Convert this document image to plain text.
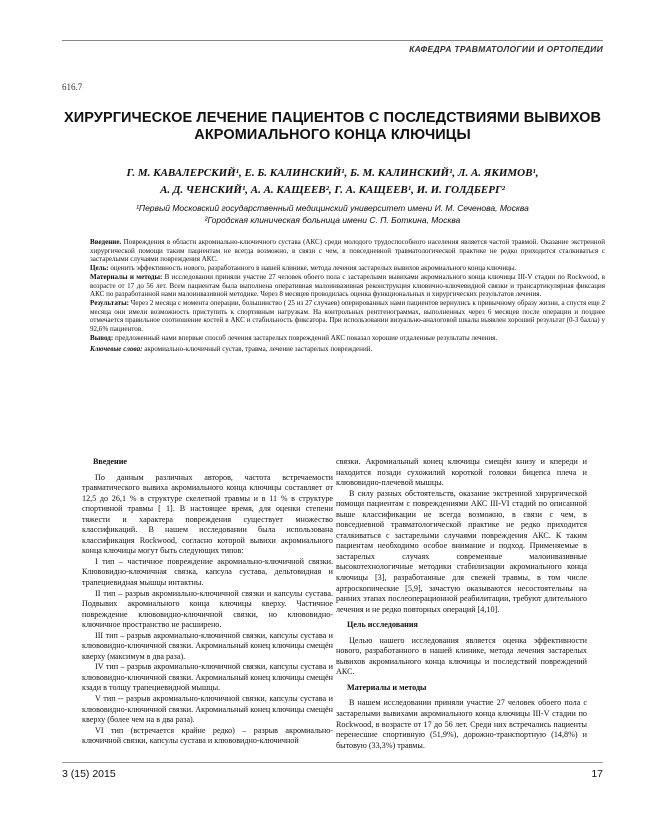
КАФЕДРА ТРАВМАТОЛОГИИ И ОРТОПЕДИИ
616.7
ХИРУРГИЧЕСКОЕ ЛЕЧЕНИЕ ПАЦИЕНТОВ С ПОСЛЕДСТВИЯМИ ВЫВИХОВ
АКРОМИАЛЬНОГО КОНЦА КЛЮЧИЦЫ
Г. М. КАВАЛЕРСКИЙ¹, Е. Б. КАЛИНСКИЙ¹, Б. М. КАЛИНСКИЙ¹, Л. А. ЯКИМОВ¹,
А. Д. ЧЕНСКИЙ¹, А. А. КАЩЕЕВ², Г. А. КАЩЕЕВ¹, И. И. ГОЛДБЕРГ²
¹Первый Московский государственный медицинский университет имени И. М. Сеченова, Москва
²Городская клиническая больница имени С. П. Боткина, Москва

Введение. Повреждения в области акромиально-ключичного сустава (АКС) среди молодого трудоспособного населения является частой травмой. Оказание экстренной хирургической помощи таким пациентам не всегда возможно, в связи с чем, в повседневной травматологической практике не редко приходится сталкиваться с застарелыми случаями повреждения АКС.

Цель: оценить эффективность нового, разработанного в нашей клинике, метода лечения застарелых вывихов акромиального конца ключицы.

Материалы и методы: В исследовании приняли участие 27 человек обоего пола с застарелыми вывихами акромиального конца ключицы III-V стадии по Rockwood, в возрасте от 17 до 56 лет. Всем пациентам была выполнена оперативная малоинвазивная реконструкция клювично-ключевидной связки и трансартикулярная фиксация АКС по разработанной нами малоинвазивной методике. Через 8 месяцев проводилась оценка функциональных и хирургических результатов лечения.

Результаты: Через 2 месяца с момента операции, большинство ( 25 из 27 случаев) оперированных нами пациентов вернулись к привычному образу жизни, а спустя еще 2 месяца они имели возможность приступить к спортивным нагрузкам. На контрольных рентгенограммах, выполненных через 6 месяцев после операции и позднее отмечается правильное соотношение костей в АКС и стабильность фиксатора. При использовании визуально-аналоговой шкалы выявлен хороший результат (0-3 балла) у 92,6% пациентов.

Вывод: предложенный нами впервые способ лечения застарелых повреждений АКС показал хорошие отдаленные результаты лечения.

Ключевые слова: акромиально-ключичный сустав, травма, лечение застарелых повреждений.

Введение

По данным различных авторов, частота встречаемости травматического вывиха акромиального конца ключицы составляет от 12,5 до 26,1 % в структуре скелетной травмы и в 11 % в структуре спортивной травмы [ 1]. В настоящее время, для оценки степени тяжести и характера повреждения существует множество классификаций. В нашем исследовании была использована классификация Rockwood, согласно которой вывихи акромиального конца ключицы могут быть следующих типов:

I тип – частичное повреждение акромиально-ключичной связки. Клювовидно-ключичная связка, капсула сустава, дельтовидная и трапециевидная мышцы интактны.

II тип – разрыв акромиально-ключичной связки и капсулы сустава. Подвывих акромиального конца ключицы кверху. Частичное повреждение клювовидно-ключичной связки, но клювовидно-ключичное пространство не расширено.

III тип – разрыв акромиально-ключичной связки, капсулы сустава и клювовидно-ключичной связки. Акромиальный конец ключицы смещён кверху (максимум в два раза).

IV тип – разрыв акромиально-ключичной связки, капсулы сустава и клювовидно-ключичной связки. Акромиальный конец ключицы смещён кзади в толщу трапециевидной мышцы.

V тип -- разрыв акромиально-ключичной связки, капсулы сустава и клювовидно-ключичной связки. Акромиальный конец ключицы смещён кверху (более чем на в два раза).

VI тип (встречается крайне редко) – разрыв акромиально-ключичной связки, капсулы сустава и клювовидно-ключичной

связки. Акромиальный конец ключицы смещён книзу и кпереди и находится позади сухожилий короткой головки бицепса плеча и клювовидно-плечевой мышцы.

В силу разных обстоятельств, оказание экстренной хирургической помощи пациентам с повреждениями АКС III-VI стадий по описанной выше классификации не всегда возможно, в связи с чем, в повседневной травматологической практике не редко приходится сталкиваться с застарелыми случаями повреждения АКС. К таким пациентам необходимо особое внимание и подход. Применяемые в застарелых случаях современные малоинвазивные высокотехнологичные методики стабилизации акромиального конца ключицы [3], разработанные для свежей травмы, в том числе артроскопические [5,9], зачастую оказываются несостоятельны на ранних этапах послеоперационной реабилитации, требуют длительного лечения и не редко повторных операций [4,10].

Цель исследования

Целью нашего исследования является оценка эффективности нового, разработанного в нашей клинике, метода лечения застарелых вывихов акромиального конца ключицы и последствий повреждений АКС.

Материалы и методы

В нашем исследовании приняли участие 27 человек обоего пола с застарелыми вывихами акромиального конца ключицы III-V стадии по Rockwood, в возрасте от 17 до 56 лет. Среди них встречались пациенты перенесшие спортивную (51,9%), дорожно-транспортную (14,8%) и бытовую (33,3%) травмы.

3 (15) 2015	17
